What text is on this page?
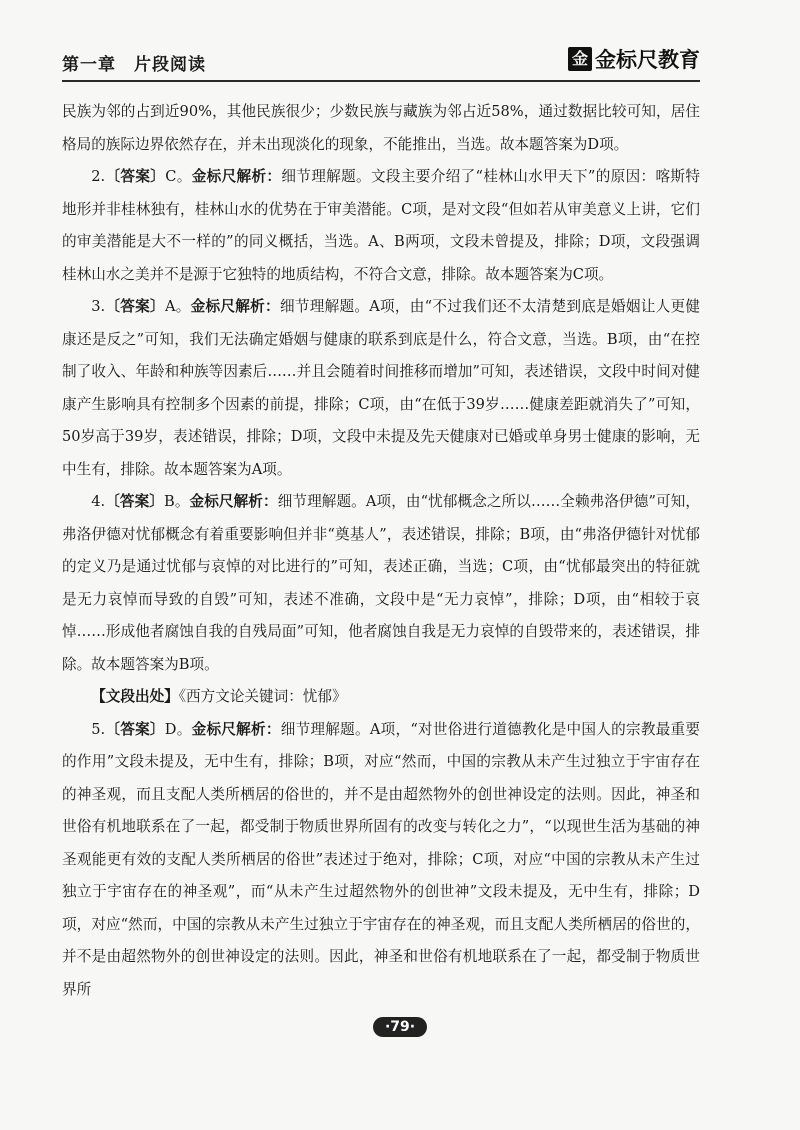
第一章 片段阅读	金 金标尺教育

民族为邻的占到近90%，其他民族很少；少数民族与藏族为邻占近58%，通过数据比较可知，居住格局的族际边界依然存在，并未出现淡化的现象，不能推出，当选。故本题答案为D项。

2.〔答案〕C。金标尺解析：细节理解题。文段主要介绍了“桂林山水甲天下”的原因：喀斯特地形并非桂林独有，桂林山水的优势在于审美潜能。C项，是对文段“但如若从审美意义上讲，它们的审美潜能是大不一样的”的同义概括，当选。A、B两项，文段未曾提及，排除；D项，文段强调桂林山水之美并不是源于它独特的地质结构，不符合文意，排除。故本题答案为C项。

3.〔答案〕A。金标尺解析：细节理解题。A项，由“不过我们还不太清楚到底是婚姻让人更健康还是反之”可知，我们无法确定婚姻与健康的联系到底是什么，符合文意，当选。B项，由“在控制了收入、年龄和种族等因素后……并且会随着时间推移而增加”可知，表述错误，文段中时间对健康产生影响具有控制多个因素的前提，排除；C项，由“在低于39岁……健康差距就消失了”可知，50岁高于39岁，表述错误，排除；D项，文段中未提及先天健康对已婚或单身男士健康的影响，无中生有，排除。故本题答案为A项。

4.〔答案〕B。金标尺解析：细节理解题。A项，由“忧郁概念之所以……全赖弗洛伊德”可知，弗洛伊德对忧郁概念有着重要影响但并非“奠基人”，表述错误，排除；B项，由“弗洛伊德针对忧郁的定义乃是通过忧郁与哀悼的对比进行的”可知，表述正确，当选；C项，由“忧郁最突出的特征就是无力哀悼而导致的自毁”可知，表述不准确，文段中是“无力哀悼”，排除；D项，由“相较于哀悼……形成他者腐蚀自我的自残局面”可知，他者腐蚀自我是无力哀悼的自毁带来的，表述错误，排除。故本题答案为B项。

【文段出处】《西方文论关键词：忧郁》

5.〔答案〕D。金标尺解析：细节理解题。A项，“对世俗进行道德教化是中国人的宗教最重要的作用”文段未提及，无中生有，排除；B项，对应“然而，中国的宗教从未产生过独立于宇宙存在的神圣观，而且支配人类所栖居的俗世的，并不是由超然物外的创世神设定的法则。因此，神圣和世俗有机地联系在了一起，都受制于物质世界所固有的改变与转化之力”，“以现世生活为基础的神圣观能更有效的支配人类所栖居的俗世”表述过于绝对，排除；C项，对应“中国的宗教从未产生过独立于宇宙存在的神圣观”，而“从未产生过超然物外的创世神”文段未提及，无中生有，排除；D项，对应“然而，中国的宗教从未产生过独立于宇宙存在的神圣观，而且支配人类所栖居的俗世的，并不是由超然物外的创世神设定的法则。因此，神圣和世俗有机地联系在了一起，都受制于物质世界所

·79·
